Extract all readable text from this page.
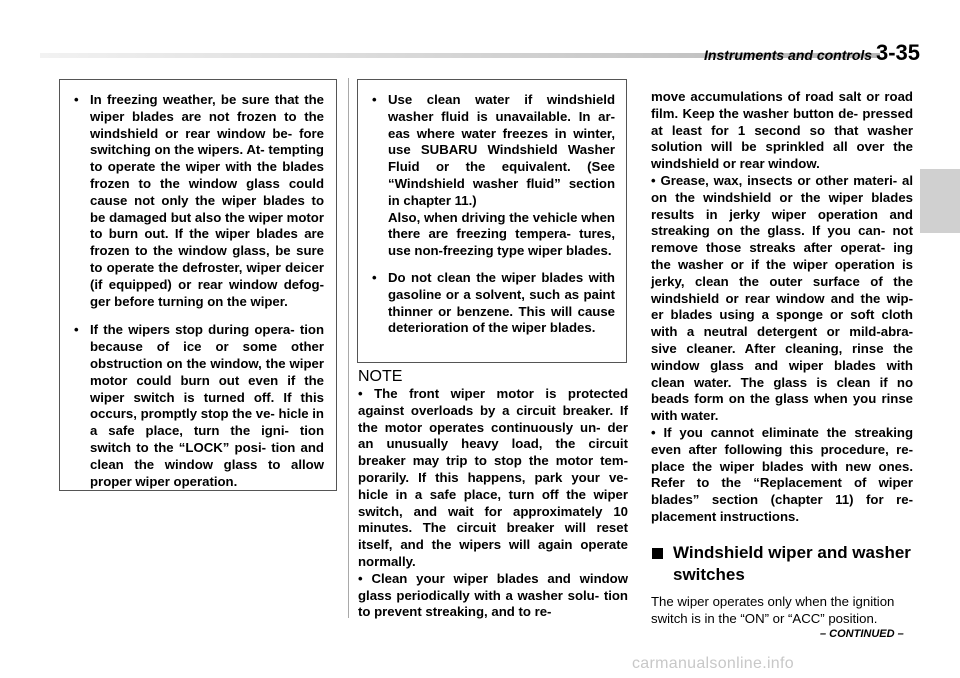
Instruments and controls 3-35
• In freezing weather, be sure that the wiper blades are not frozen to the windshield or rear window be- fore switching on the wipers. At- tempting to operate the wiper with the blades frozen to the window glass could cause not only the wiper blades to be damaged but also the wiper motor to burn out. If the wiper blades are frozen to the window glass, be sure to operate the defroster, wiper deicer (if equipped) or rear window defog- ger before turning on the wiper.
• If the wipers stop during opera- tion because of ice or some other obstruction on the window, the wiper motor could burn out even if the wiper switch is turned off. If this occurs, promptly stop the ve- hicle in a safe place, turn the igni- tion switch to the “LOCK” posi- tion and clean the window glass to allow proper wiper operation.
• Use clean water if windshield washer fluid is unavailable. In ar- eas where water freezes in winter, use SUBARU Windshield Washer Fluid or the equivalent. (See “Windshield washer fluid” section in chapter 11.)
Also, when driving the vehicle when there are freezing tempera- tures, use non-freezing type wiper blades.
• Do not clean the wiper blades with gasoline or a solvent, such as paint thinner or benzene. This will cause deterioration of the wiper blades.
NOTE
• The front wiper motor is protected against overloads by a circuit breaker. If the motor operates continuously un- der an unusually heavy load, the circuit breaker may trip to stop the motor tem- porarily. If this happens, park your ve- hicle in a safe place, turn off the wiper switch, and wait for approximately 10 minutes. The circuit breaker will reset itself, and the wipers will again operate normally.
• Clean your wiper blades and window glass periodically with a washer solu- tion to prevent streaking, and to re-
move accumulations of road salt or road film. Keep the washer button de- pressed at least for 1 second so that washer solution will be sprinkled all over the windshield or rear window.
• Grease, wax, insects or other materi- al on the windshield or the wiper blades results in jerky wiper operation and streaking on the glass. If you can- not remove those streaks after operat- ing the washer or if the wiper operation is jerky, clean the outer surface of the windshield or rear window and the wip- er blades using a sponge or soft cloth with a neutral detergent or mild-abra- sive cleaner. After cleaning, rinse the window glass and wiper blades with clean water. The glass is clean if no beads form on the glass when you rinse with water.
• If you cannot eliminate the streaking even after following this procedure, re- place the wiper blades with new ones. Refer to the “Replacement of wiper blades” section (chapter 11) for re- placement instructions.
Windshield wiper and washer switches
The wiper operates only when the ignition switch is in the “ON” or “ACC” position.
– CONTINUED –
carmanualsonline.info
